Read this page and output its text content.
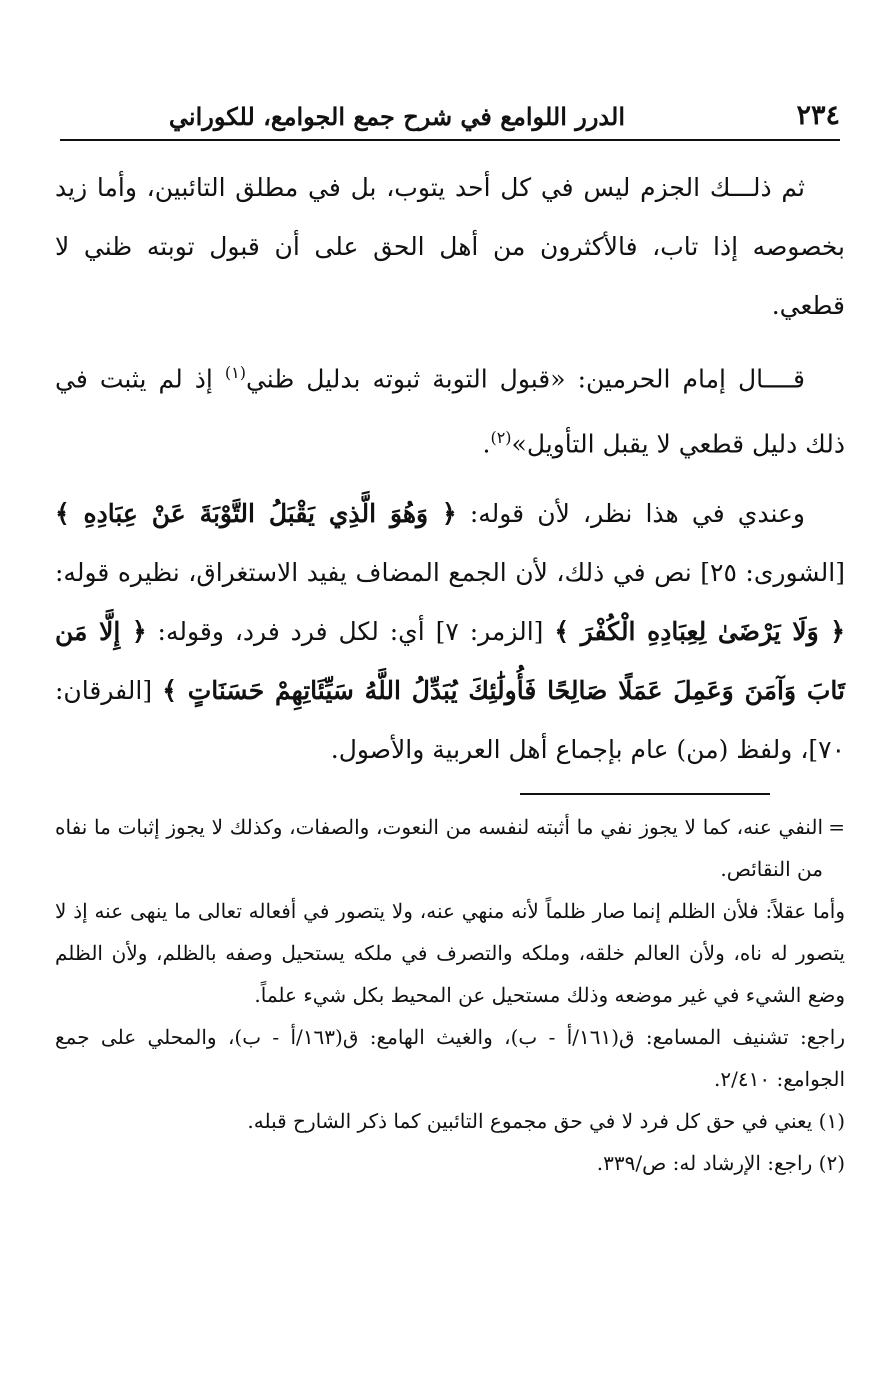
٢٣٤
الدرر اللوامع في شرح جمع الجوامع، للكوراني

ثم ذلـــك الجزم ليس في كل أحد يتوب، بل في مطلق التائبين، وأما زيد بخصوصه إذا تاب، فالأكثرون من أهل الحق على أن قبول توبته ظني لا قطعي.

قــــال إمام الحرمين: «قبول التوبة ثبوته بدليل ظني$^{(١)}$ إذ لم يثبت في ذلك دليل قطعي لا يقبل التأويل»$^{(٢)}$.

وعندي في هذا نظر، لأن قوله: ﴿ وَهُوَ الَّذِي يَقْبَلُ التَّوْبَةَ عَنْ عِبَادِهِ ﴾ [الشورى: ٢٥] نص في ذلك، لأن الجمع المضاف يفيد الاستغراق، نظيره قوله: ﴿ وَلَا يَرْضَىٰ لِعِبَادِهِ الْكُفْرَ ﴾ [الزمر: ٧] أي: لكل فرد فرد، وقوله: ﴿ إِلَّا مَن تَابَ وَآمَنَ وَعَمِلَ عَمَلًا صَالِحًا فَأُولَٰئِكَ يُبَدِّلُ اللَّهُ سَيِّئَاتِهِمْ حَسَنَاتٍ ﴾ [الفرقان: ٧٠]، ولفظ (من) عام بإجماع أهل العربية والأصول.

=النفي عنه، كما لا يجوز نفي ما أثبته لنفسه من النعوت، والصفات، وكذلك لا يجوز إثبات ما نفاه من النقائص.

وأما عقلاً: فلأن الظلم إنما صار ظلماً لأنه منهي عنه، ولا يتصور في أفعاله تعالى ما ينهى عنه إذ لا يتصور له ناه، ولأن العالم خلقه، وملكه والتصرف في ملكه يستحيل وصفه بالظلم، ولأن الظلم وضع الشيء في غير موضعه وذلك مستحيل عن المحيط بكل شيء علماً.

راجع: تشنيف المسامع: ق(١٦١/أ - ب)، والغيث الهامع: ق(١٦٣/أ - ب)، والمحلي على جمع الجوامع: ٢/٤١٠.

(١) يعني في حق كل فرد لا في حق مجموع التائبين كما ذكر الشارح قبله.

(٢) راجع: الإرشاد له: ص/٣٣٩.
